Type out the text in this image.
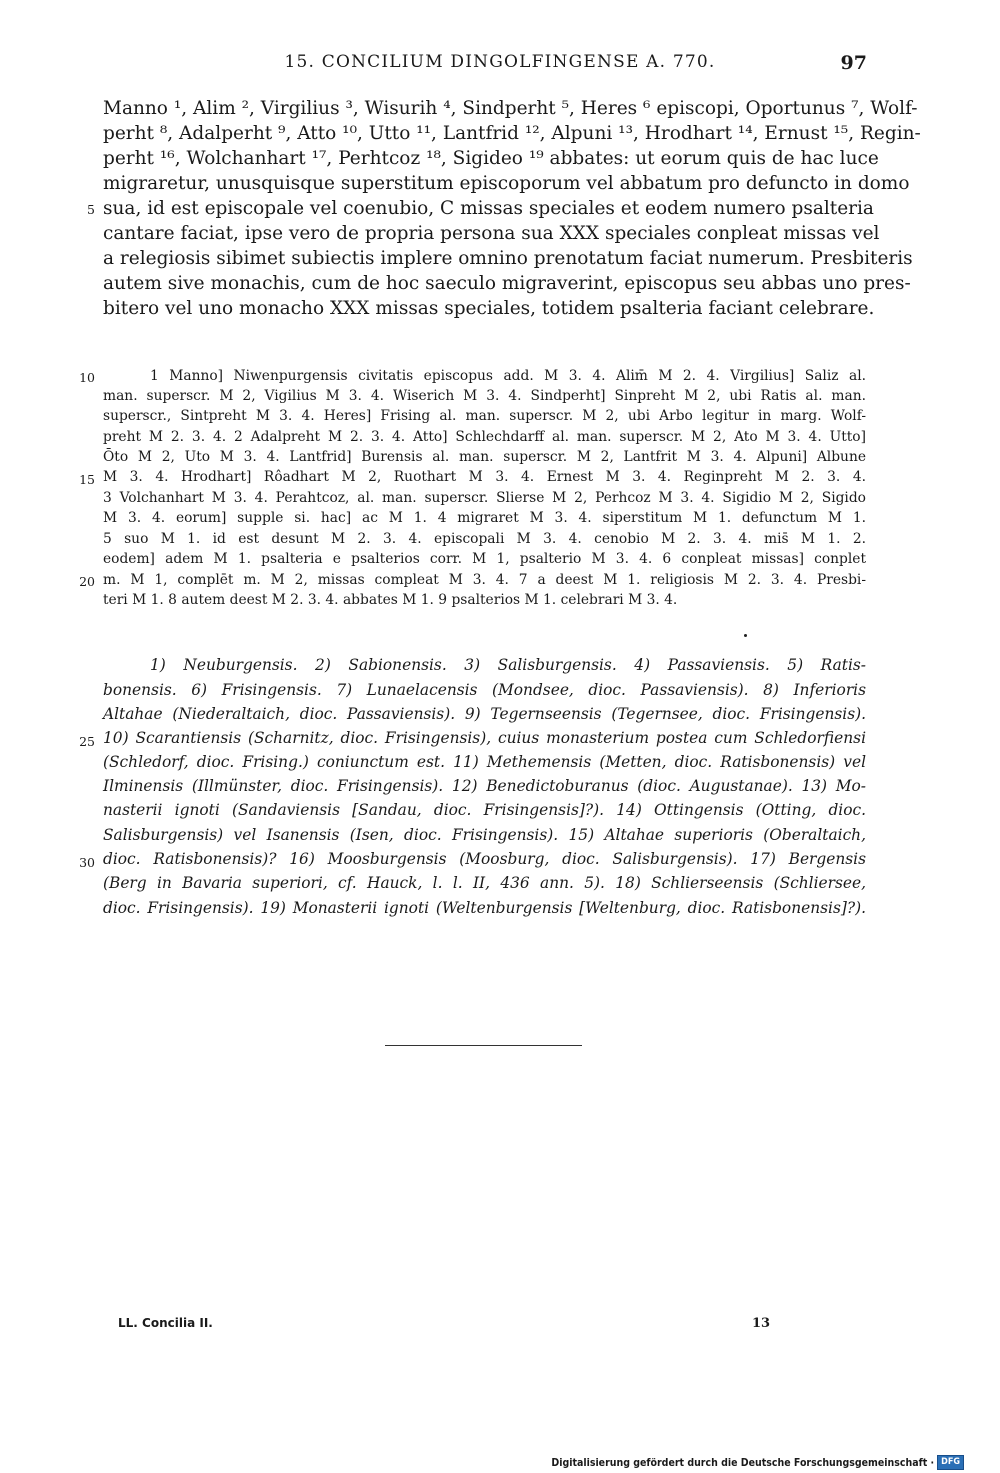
15. CONCILIUM DINGOLFINGENSE A. 770.	97
Manno ¹, Alim ², Virgilius ³, Wisurih ⁴, Sindperht ⁵, Heres ⁶ episcopi, Oportunus ⁷, Wolf-
perht ⁸, Adalperht ⁹, Atto ¹⁰, Utto ¹¹, Lantfrid ¹², Alpuni ¹³, Hrodhart ¹⁴, Ernust ¹⁵, Regin-
perht ¹⁶, Wolchanhart ¹⁷, Perhtcoz ¹⁸, Sigideo ¹⁹ abbates: ut eorum quis de hac luce
migraretur, unusquisque superstitum episcoporum vel abbatum pro defuncto in domo
sua, id est episcopale vel coenubio, C missas speciales et eodem numero psalteria
cantare faciat, ipse vero de propria persona sua XXX speciales conpleat missas vel
a relegiosis sibimet subiectis implere omnino prenotatum faciat numerum. Presbiteris
autem sive monachis, cum de hoc saeculo migraverint, episcopus seu abbas uno pres-
bitero vel uno monacho XXX missas speciales, totidem psalteria faciant celebrare.
5
1 Manno] Niwenpurgensis civitatis episcopus add. M 3. 4. Alim̄ M 2. 4. Virgilius] Saliz al.
man. superscr. M 2, Vigilius M 3. 4. Wiserich M 3. 4. Sindperht] Sinpreht M 2, ubi Ratis al. man.
superscr., Sintpreht M 3. 4. Heres] Frising al. man. superscr. M 2, ubi Arbo legitur in marg. Wolf-
preht M 2. 3. 4. 2 Adalpreht M 2. 3. 4. Atto] Schlechdarff al. man. superscr. M 2, Ato M 3. 4. Utto]
Ōto M 2, Uto M 3. 4. Lantfrid] Burensis al. man. superscr. M 2, Lantfrit M 3. 4. Alpuni] Albune
M 3. 4. Hrodhart] Rôadhart M 2, Ruothart M 3. 4. Ernest M 3. 4. Reginpreht M 2. 3. 4.
3 Volchanhart M 3. 4. Perahtcoz, al. man. superscr. Slierse M 2, Perhcoz M 3. 4. Sigidio M 2, Sigido
M 3. 4. eorum] supple si. hac] ac M 1. 4 migraret M 3. 4. siperstitum M 1. defunctum M 1.
5 suo M 1. id est desunt M 2. 3. 4. episcopali M 3. 4. cenobio M 2. 3. 4. mis̄ M 1. 2.
eodem] adem M 1. psalteria e psalterios corr. M 1, psalterio M 3. 4. 6 conpleat missas] conplet
m. M 1, complēt m. M 2, missas compleat M 3. 4. 7 a deest M 1. religiosis M 2. 3. 4. Presbi-
teri M 1. 8 autem deest M 2. 3. 4. abbates M 1. 9 psalterios M 1. celebrari M 3. 4.
10
15
20
1) Neuburgensis. 2) Sabionensis. 3) Salisburgensis. 4) Passaviensis. 5) Ratis-
bonensis. 6) Frisingensis. 7) Lunaelacensis (Mondsee, dioc. Passaviensis). 8) Inferioris
Altahae (Niederaltaich, dioc. Passaviensis). 9) Tegernseensis (Tegernsee, dioc. Frisingensis).
10) Scarantiensis (Scharnitz, dioc. Frisingensis), cuius monasterium postea cum Schledorfiensi
(Schledorf, dioc. Frising.) coniunctum est. 11) Methemensis (Metten, dioc. Ratisbonensis) vel
Ilminensis (Illmünster, dioc. Frisingensis). 12) Benedictoburanus (dioc. Augustanae). 13) Mo-
nasterii ignoti (Sandaviensis [Sandau, dioc. Frisingensis]?). 14) Ottingensis (Otting, dioc.
Salisburgensis) vel Isanensis (Isen, dioc. Frisingensis). 15) Altahae superioris (Oberaltaich,
dioc. Ratisbonensis)? 16) Moosburgensis (Moosburg, dioc. Salisburgensis). 17) Bergensis
(Berg in Bavaria superiori, cf. Hauck, l. l. II, 436 ann. 5). 18) Schlierseensis (Schliersee,
dioc. Frisingensis). 19) Monasterii ignoti (Weltenburgensis [Weltenburg, dioc. Ratisbonensis]?).
25
30
LL. Concilia II.	13
Digitalisierung gefördert durch die Deutsche Forschungsgemeinschaft · DFG
